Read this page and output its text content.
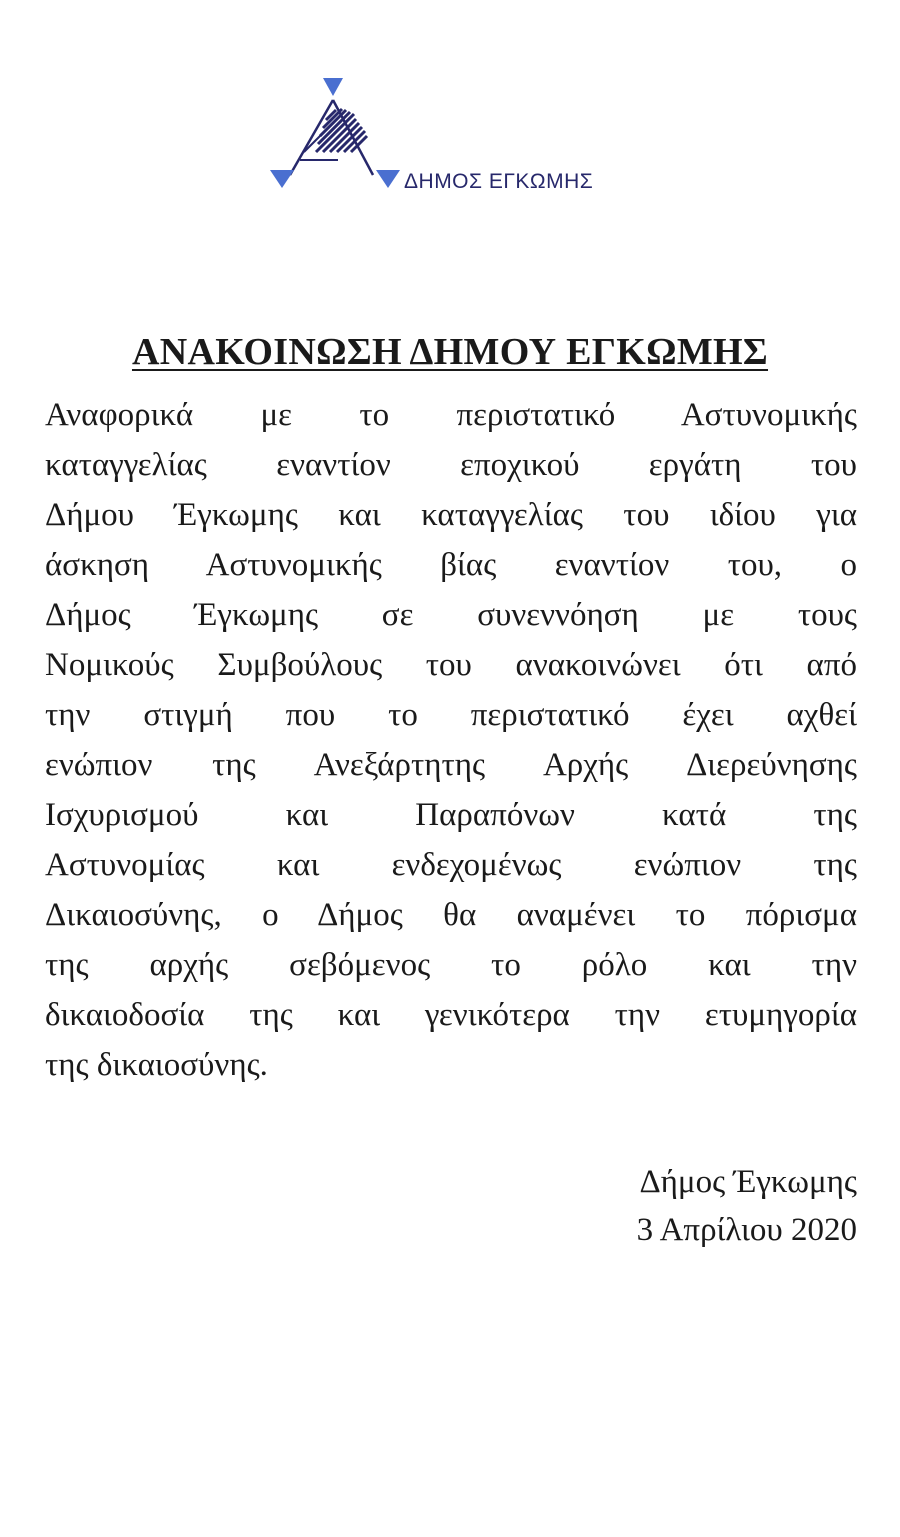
ΔΗΜΟΣ ΕΓΚΩΜΗΣ
ΑΝΑΚΟΙΝΩΣΗ ΔΗΜΟΥ ΕΓΚΩΜΗΣ
Αναφορικά με το περιστατικό Αστυνομικής
καταγγελίας εναντίον εποχικού εργάτη του
Δήμου Έγκωμης και καταγγελίας του ιδίου για
άσκηση Αστυνομικής βίας εναντίον του, ο
Δήμος Έγκωμης σε συνεννόηση με τους
Νομικούς Συμβούλους του ανακοινώνει ότι από
την στιγμή που το περιστατικό έχει αχθεί
ενώπιον της Ανεξάρτητης Αρχής Διερεύνησης
Ισχυρισμού και Παραπόνων κατά της
Αστυνομίας και ενδεχομένως ενώπιον της
Δικαιοσύνης, ο Δήμος θα αναμένει το πόρισμα
της αρχής σεβόμενος το ρόλο και την
δικαιοδοσία της και γενικότερα την ετυμηγορία
της δικαιοσύνης.
Δήμος Έγκωμης
3 Απρίλιου 2020
